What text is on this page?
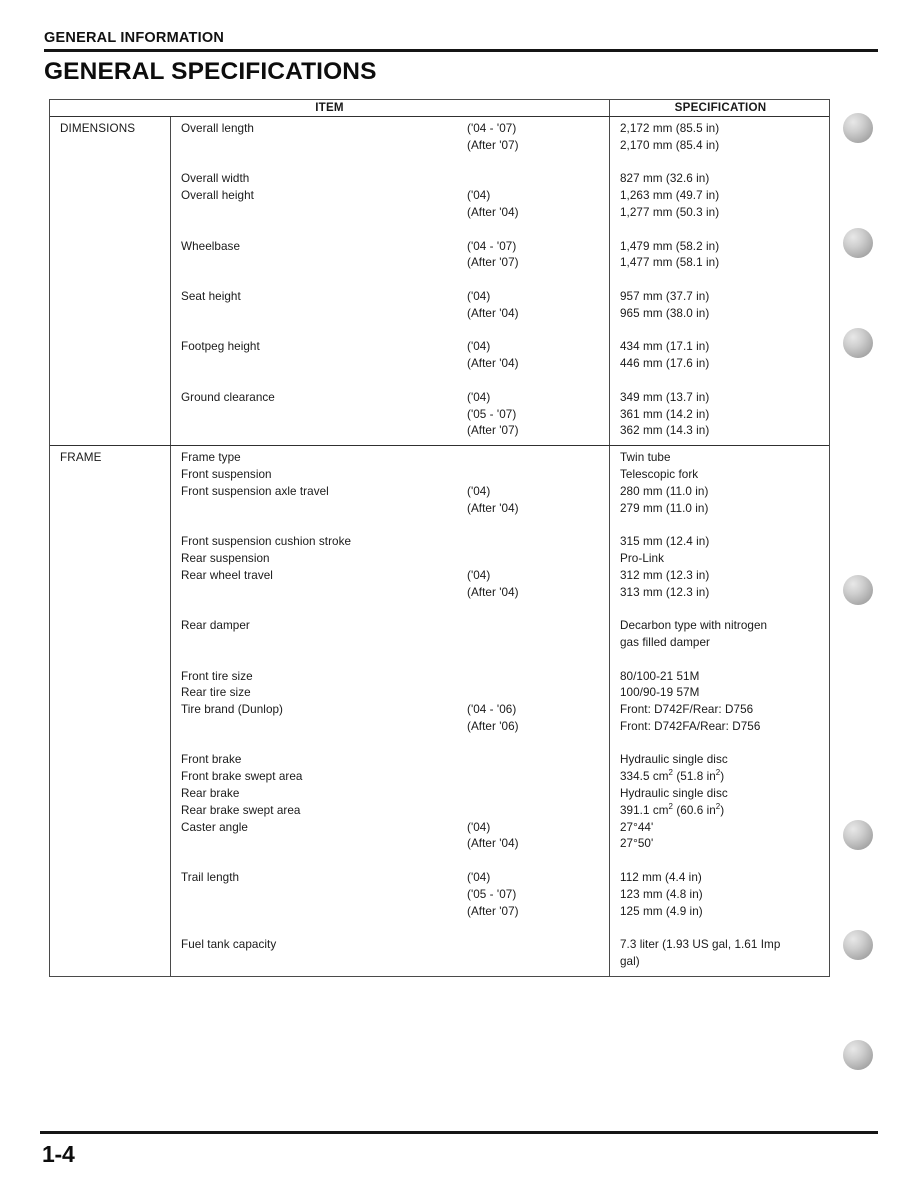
GENERAL INFORMATION
GENERAL SPECIFICATIONS
ITEM	SPECIFICATION
DIMENSIONS	Overall length	('04 - '07)	2,172 mm (85.5 in)
(After '07)	2,170 mm (85.4 in)
Overall width	827 mm (32.6 in)
Overall height	('04)	1,263 mm (49.7 in)
(After '04)	1,277 mm (50.3 in)
Wheelbase	('04 - '07)	1,479 mm (58.2 in)
(After '07)	1,477 mm (58.1 in)
Seat height	('04)	957 mm (37.7 in)
(After '04)	965 mm (38.0 in)
Footpeg height	('04)	434 mm (17.1 in)
(After '04)	446 mm (17.6 in)
Ground clearance	('04)	349 mm (13.7 in)
('05 - '07)	361 mm (14.2 in)
(After '07)	362 mm (14.3 in)
FRAME	Frame type	Twin tube
Front suspension	Telescopic fork
Front suspension axle travel	('04)	280 mm (11.0 in)
(After '04)	279 mm (11.0 in)
Front suspension cushion stroke	315 mm (12.4 in)
Rear suspension	Pro-Link
Rear wheel travel	('04)	312 mm (12.3 in)
(After '04)	313 mm (12.3 in)
Rear damper	Decarbon type with nitrogen
gas filled damper
Front tire size	80/100-21 51M
Rear tire size	100/90-19 57M
Tire brand (Dunlop)	('04 - '06)	Front: D742F/Rear: D756
(After '06)	Front: D742FA/Rear: D756
Front brake	Hydraulic single disc
Front brake swept area	334.5 $cm^2$ (51.8 $in^2$)
Rear brake	Hydraulic single disc
Rear brake swept area	391.1 $cm^2$ (60.6 $in^2$)
Caster angle	('04)	27°44'
(After '04)	27°50'
Trail length	('04)	112 mm (4.4 in)
('05 - '07)	123 mm (4.8 in)
(After '07)	125 mm (4.9 in)
Fuel tank capacity	7.3 liter (1.93 US gal, 1.61 Imp
gal)
1-4
